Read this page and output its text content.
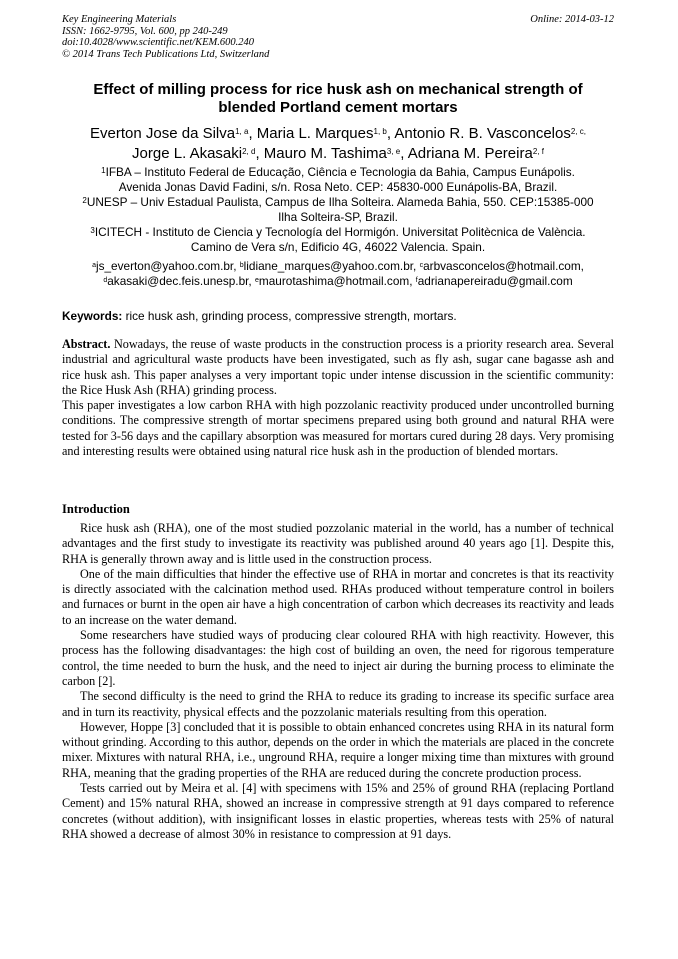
Key Engineering Materials
ISSN: 1662-9795, Vol. 600, pp 240-249
doi:10.4028/www.scientific.net/KEM.600.240
© 2014 Trans Tech Publications Ltd, Switzerland
Online: 2014-03-12
Effect of milling process for rice husk ash on mechanical strength of
blended Portland cement mortars
Everton Jose da Silva$^{1, a}$, Maria L. Marques$^{1, b}$, Antonio R. B. Vasconcelos$^{2, c,}$
Jorge L. Akasaki$^{2, d}$, Mauro M. Tashima$^{3, e}$, Adriana M. Pereira$^{2, f}$
$^1$IFBA – Instituto Federal de Educação, Ciência e Tecnologia da Bahia, Campus Eunápolis.
Avenida Jonas David Fadini, s/n. Rosa Neto. CEP: 45830-000 Eunápolis-BA, Brazil.
$^2$UNESP – Univ Estadual Paulista, Campus de Ilha Solteira. Alameda Bahia, 550. CEP:15385-000
Ilha Solteira-SP, Brazil.
$^3$ICITECH - Instituto de Ciencia y Tecnología del Hormigón. Universitat Politècnica de València.
Camino de Vera s/n, Edificio 4G, 46022 Valencia. Spain.
$^a$js_everton@yahoo.com.br, $^b$lidiane_marques@yahoo.com.br, $^c$arbvasconcelos@hotmail.com,
$^d$akasaki@dec.feis.unesp.br, $^e$maurotashima@hotmail.com, $^f$adrianapereiradu@gmail.com
Keywords: rice husk ash, grinding process, compressive strength, mortars.

Abstract. Nowadays, the reuse of waste products in the construction process is a priority research area. Several industrial and agricultural waste products have been investigated, such as fly ash, sugar cane bagasse ash and rice husk ash. This paper analyses a very important topic under intense discussion in the scientific community: the Rice Husk Ash (RHA) grinding process.

This paper investigates a low carbon RHA with high pozzolanic reactivity produced under uncontrolled burning conditions. The compressive strength of mortar specimens prepared using both ground and natural RHA were tested for 3-56 days and the capillary absorption was measured for mortars cured during 28 days. Very promising and interesting results were obtained using natural rice husk ash in the production of blended mortars.

Introduction

Rice husk ash (RHA), one of the most studied pozzolanic material in the world, has a number of technical advantages and the first study to investigate its reactivity was published around 40 years ago [1]. Despite this, RHA is generally thrown away and is little used in the construction process.

One of the main difficulties that hinder the effective use of RHA in mortar and concretes is that its reactivity is directly associated with the calcination method used. RHAs produced without temperature control in boilers and furnaces or burnt in the open air have a high concentration of carbon which decreases its reactivity and leads to an increase on the water demand.

Some researchers have studied ways of producing clear coloured RHA with high reactivity. However, this process has the following disadvantages: the high cost of building an oven, the need for rigorous temperature control, the time needed to burn the husk, and the need to inject air during the burning process to eliminate the carbon [2].

The second difficulty is the need to grind the RHA to reduce its grading to increase its specific surface area and in turn its reactivity, physical effects and the pozzolanic materials resulting from this operation.

However, Hoppe [3] concluded that it is possible to obtain enhanced concretes using RHA in its natural form without grinding. According to this author, depends on the order in which the materials are placed in the concrete mixer. Mixtures with natural RHA, i.e., unground RHA, require a longer mixing time than mixtures with ground RHA, meaning that the grading properties of the RHA are reduced during the concrete production process.

Tests carried out by Meira et al. [4] with specimens with 15% and 25% of ground RHA (replacing Portland Cement) and 15% natural RHA, showed an increase in compressive strength at 91 days compared to reference concretes (without addition), with insignificant losses in elastic properties, whereas tests with 25% of natural RHA showed a decrease of almost 30% in resistance to compression at 91 days.
